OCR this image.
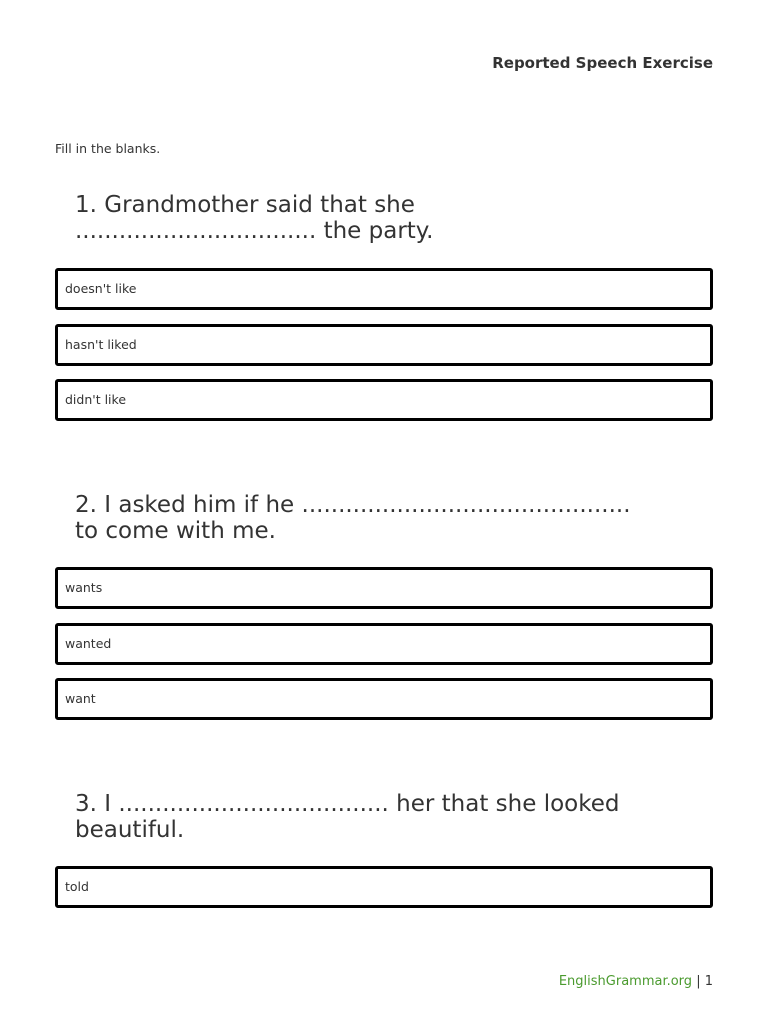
Reported Speech Exercise
Fill in the blanks.
1. Grandmother said that she
................................. the party.
doesn't like
hasn't liked
didn't like
2. I asked him if he .............................................
to come with me.
wants
wanted
want
3. I ..................................... her that she looked
beautiful.
told
EnglishGrammar.org | 1
